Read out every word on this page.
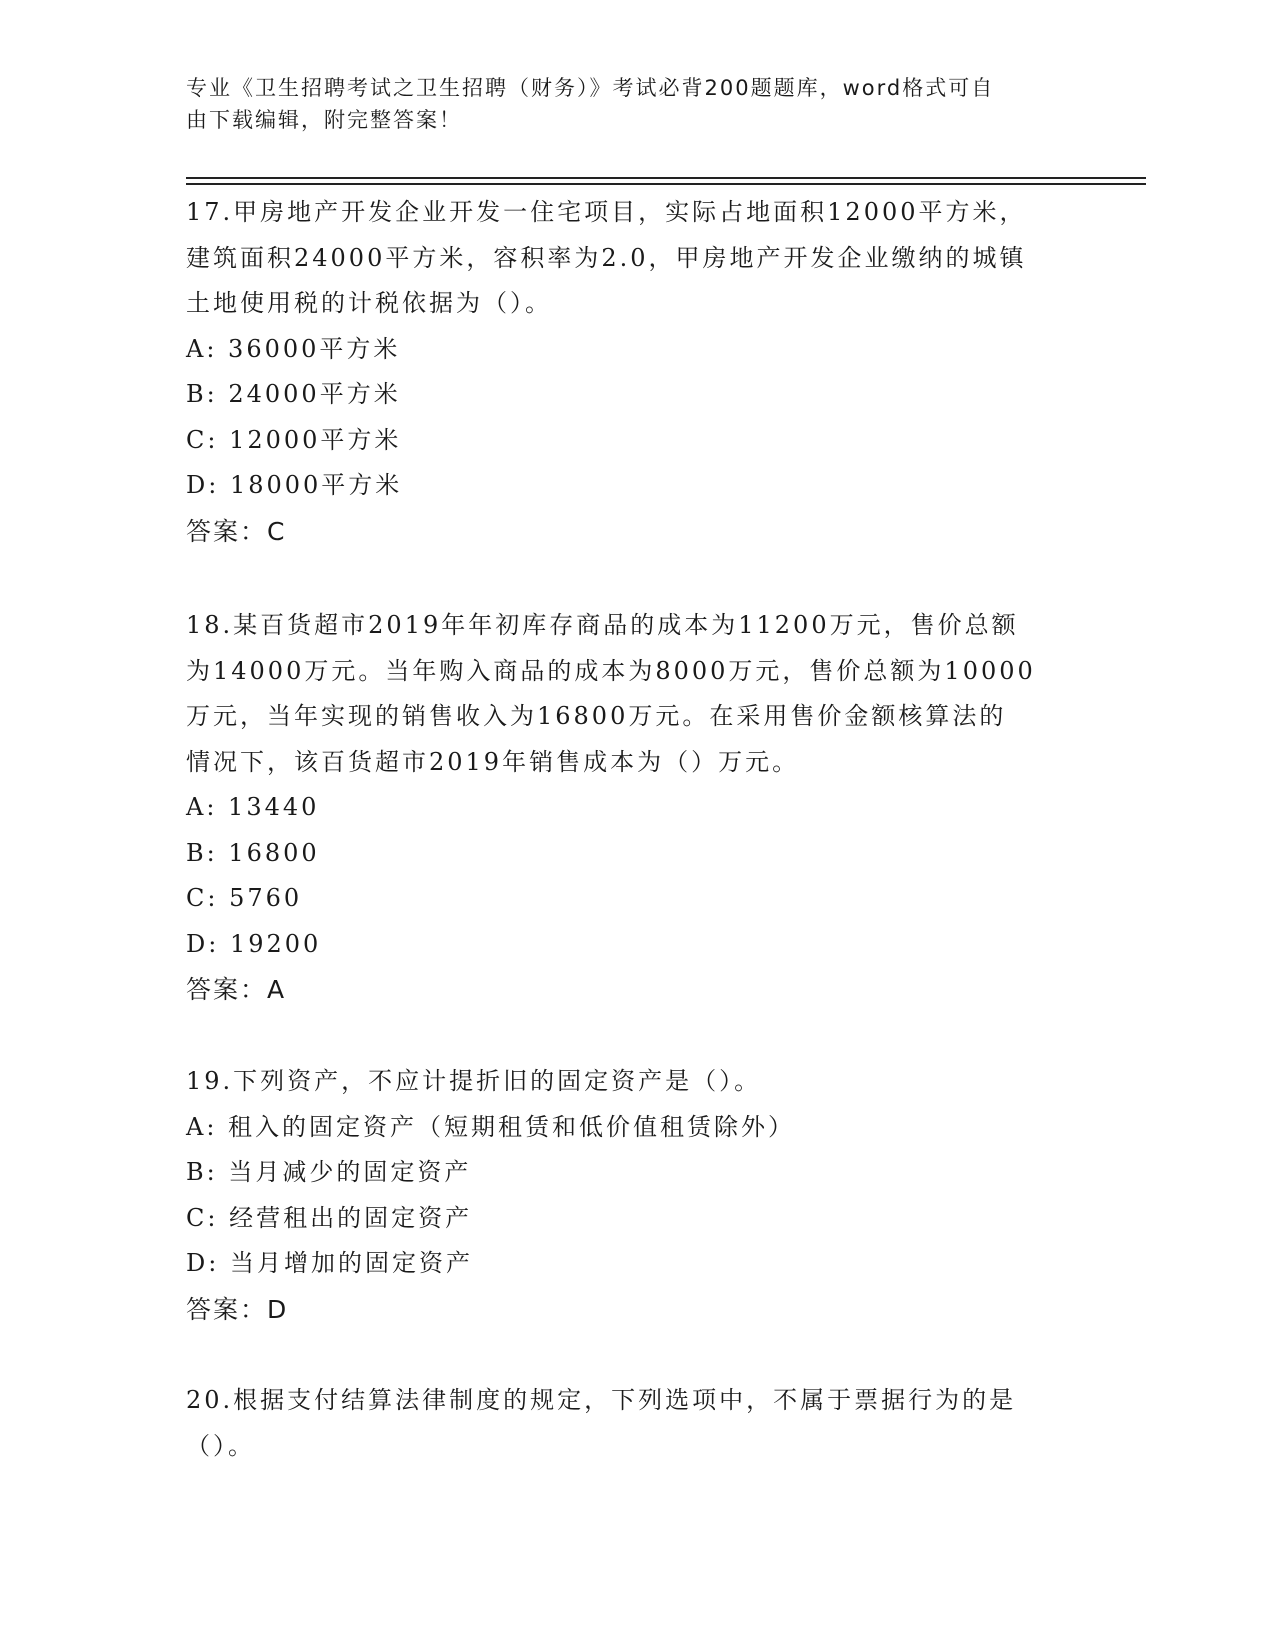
专业《卫生招聘考试之卫生招聘（财务）》考试必背200题题库，word格式可自
由下载编辑，附完整答案！

17.甲房地产开发企业开发一住宅项目，实际占地面积12000平方米，

建筑面积24000平方米，容积率为2.0，甲房地产开发企业缴纳的城镇

土地使用税的计税依据为（）。

A: 36000平方米

B: 24000平方米

C: 12000平方米

D: 18000平方米

答案：C

18.某百货超市2019年年初库存商品的成本为11200万元，售价总额

为14000万元。当年购入商品的成本为8000万元，售价总额为10000

万元，当年实现的销售收入为16800万元。在采用售价金额核算法的

情况下，该百货超市2019年销售成本为（）万元。

A: 13440

B: 16800

C: 5760

D: 19200

答案：A

19.下列资产，不应计提折旧的固定资产是（）。

A: 租入的固定资产（短期租赁和低价值租赁除外）

B: 当月减少的固定资产

C: 经营租出的固定资产

D: 当月增加的固定资产

答案：D

20.根据支付结算法律制度的规定，下列选项中，不属于票据行为的是

（）。
